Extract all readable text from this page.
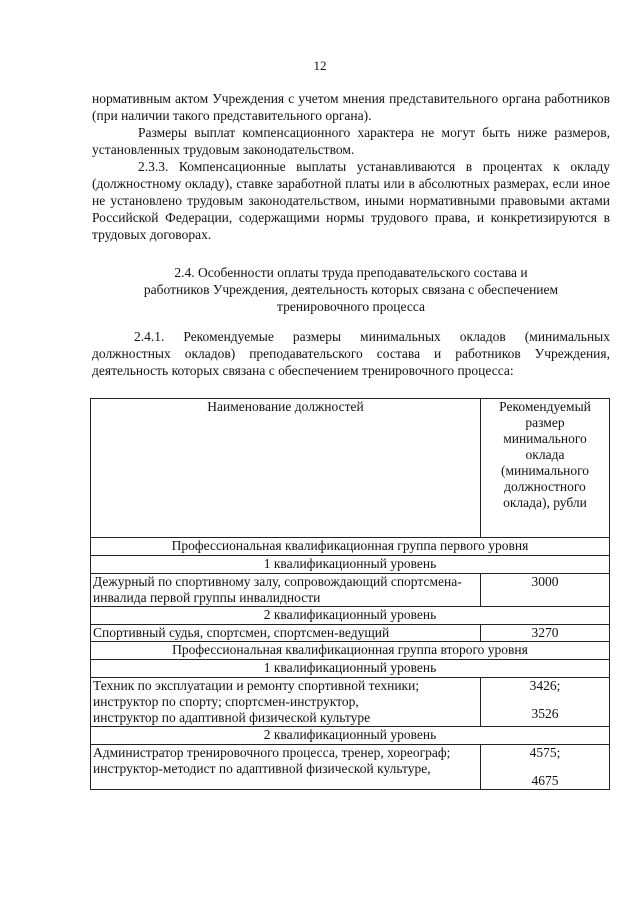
12

нормативным актом Учреждения с учетом мнения представительного органа работников (при наличии такого представительного органа).

Размеры выплат компенсационного характера не могут быть ниже размеров, установленных трудовым законодательством.

2.3.3. Компенсационные выплаты устанавливаются в процентах к окладу (должностному окладу), ставке заработной платы или в абсолютных размерах, если иное не установлено трудовым законодательством, иными нормативными правовыми актами Российской Федерации, содержащими нормы трудового права, и конкретизируются в трудовых договорах.

2.4. Особенности оплаты труда преподавательского состава и
работников Учреждения, деятельность которых связана с обеспечением
тренировочного процесса

2.4.1. Рекомендуемые размеры минимальных окладов (минимальных должностных окладов) преподавательского состава и работников Учреждения, деятельность которых связана с обеспечением тренировочного процесса:

Наименование должностей	Рекомендуемый размер минимального оклада (минимального должностного оклада), рубли
Профессиональная квалификационная группа первого уровня	
1 квалификационный уровень	
Дежурный по спортивному залу, сопровождающий спортсмена-инвалида первой группы инвалидности	3000
2 квалификационный уровень	
Спортивный судья, спортсмен, спортсмен-ведущий	3270
Профессиональная квалификационная группа второго уровня	
1 квалификационный уровень	
Техник по эксплуатации и ремонту спортивной техники; инструктор по спорту; спортсмен-инструктор,
инструктор по адаптивной физической культуре	3426;
3526
2 квалификационный уровень	
Администратор тренировочного процесса, тренер, хореограф;
инструктор-методист по адаптивной физической культуре,	4575;
4675
